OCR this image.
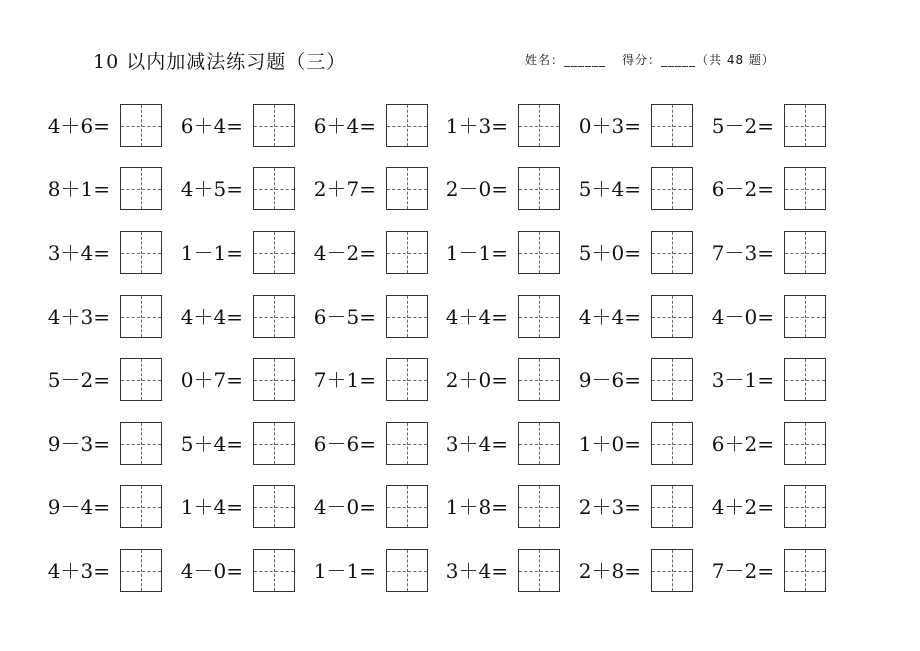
10 以内加减法练习题（三）	姓名：______ 得分：_____（共 48 题）
4＋6=	6＋4=	6＋4=	1＋3=	0＋3=	5－2=
8＋1=	4＋5=	2＋7=	2－0=	5＋4=	6－2=
3＋4=	1－1=	4－2=	1－1=	5＋0=	7－3=
4＋3=	4＋4=	6－5=	4＋4=	4＋4=	4－0=
5－2=	0＋7=	7＋1=	2＋0=	9－6=	3－1=
9－3=	5＋4=	6－6=	3＋4=	1＋0=	6＋2=
9－4=	1＋4=	4－0=	1＋8=	2＋3=	4＋2=
4＋3=	4－0=	1－1=	3＋4=	2＋8=	7－2=
